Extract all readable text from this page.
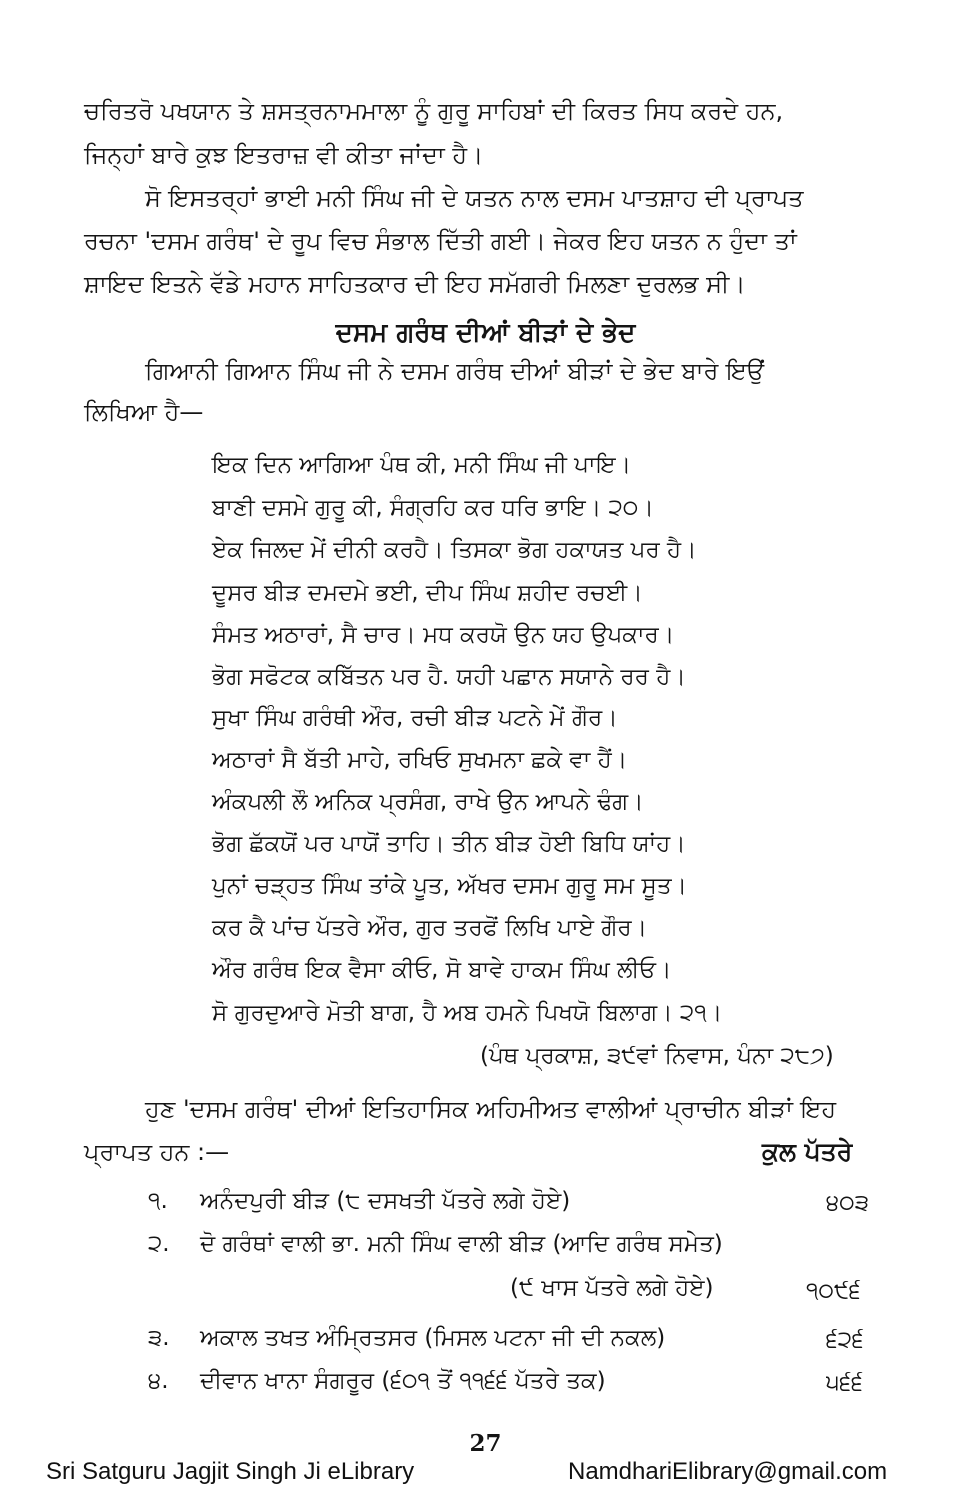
ਚਰਿਤਰੋ ਪਖਯਾਨ ਤੇ ਸ਼ਸਤ੍ਰਨਾਮਮਾਲਾ ਨੂੰ ਗੁਰੂ ਸਾਹਿਬਾਂ ਦੀ ਕਿਰਤ ਸਿਧ ਕਰਦੇ ਹਨ,
ਜਿਨ੍ਹਾਂ ਬਾਰੇ ਕੁਝ ਇਤਰਾਜ਼ ਵੀ ਕੀਤਾ ਜਾਂਦਾ ਹੈ।
ਸੋ ਇਸਤਰ੍ਹਾਂ ਭਾਈ ਮਨੀ ਸਿੰਘ ਜੀ ਦੇ ਯਤਨ ਨਾਲ ਦਸਮ ਪਾਤਸ਼ਾਹ ਦੀ ਪ੍ਰਾਪਤ
ਰਚਨਾ 'ਦਸਮ ਗਰੰਥ' ਦੇ ਰੂਪ ਵਿਚ ਸੰਭਾਲ ਦਿੱਤੀ ਗਈ। ਜੇਕਰ ਇਹ ਯਤਨ ਨ ਹੁੰਦਾ ਤਾਂ
ਸ਼ਾਇਦ ਇਤਨੇ ਵੱਡੇ ਮਹਾਨ ਸਾਹਿਤਕਾਰ ਦੀ ਇਹ ਸਮੱਗਰੀ ਮਿਲਣਾ ਦੁਰਲਭ ਸੀ।
ਦਸਮ ਗਰੰਥ ਦੀਆਂ ਬੀੜਾਂ ਦੇ ਭੇਦ
ਗਿਆਨੀ ਗਿਆਨ ਸਿੰਘ ਜੀ ਨੇ ਦਸਮ ਗਰੰਥ ਦੀਆਂ ਬੀੜਾਂ ਦੇ ਭੇਦ ਬਾਰੇ ਇਉਂ
ਲਿਖਿਆ ਹੈ—
ਇਕ ਦਿਨ ਆਗਿਆ ਪੰਥ ਕੀ, ਮਨੀ ਸਿੰਘ ਜੀ ਪਾਇ।
ਬਾਣੀ ਦਸਮੇ ਗੁਰੂ ਕੀ, ਸੰਗ੍ਰਹਿ ਕਰ ਧਰਿ ਭਾਇ। ੨੦।
ਏਕ ਜਿਲਦ ਮੇਂ ਦੀਨੀ ਕਰਹੈ। ਤਿਸਕਾ ਭੋਗ ਹਕਾਯਤ ਪਰ ਹੈ।
ਦੂਸਰ ਬੀੜ ਦਮਦਮੇ ਭਈ, ਦੀਪ ਸਿੰਘ ਸ਼ਹੀਦ ਰਚਈ।
ਸੰਮਤ ਅਠਾਰਾਂ, ਸੈ ਚਾਰ। ਮਧ ਕਰਯੋ ਉਨ ਯਹ ਉਪਕਾਰ।
ਭੋਗ ਸਫੋਟਕ ਕਬਿੱਤਨ ਪਰ ਹੈ. ਯਹੀ ਪਛਾਨ ਸਯਾਨੇ ਰਰ ਹੈ।
ਸੁਖਾ ਸਿੰਘ ਗਰੰਥੀ ਔਰ, ਰਚੀ ਬੀੜ ਪਟਨੇ ਮੇਂ ਗੌਰ।
ਅਠਾਰਾਂ ਸੈ ਬੱਤੀ ਮਾਹੇ, ਰਖਿਓ ਸੁਖਮਨਾ ਛਕੇ ਵਾ ਹੈਂ।
ਅੰਕਪਲੀ ਲੌ ਅਨਿਕ ਪ੍ਰਸੰਗ, ਰਾਖੇ ਉਨ ਆਪਨੇ ਢੰਗ।
ਭੋਗ ਛੱਕਯੋਂ ਪਰ ਪਾਯੋਂ ਤਾਹਿ। ਤੀਨ ਬੀੜ ਹੋਈ ਬਿਧਿ ਯਾਂਹ।
ਪੁਨਾਂ ਚੜ੍ਹਤ ਸਿੰਘ ਤਾਂਕੇ ਪੂਤ, ਅੱਖਰ ਦਸਮ ਗੁਰੂ ਸਮ ਸੂਤ।
ਕਰ ਕੈ ਪਾਂਚ ਪੱਤਰੇ ਔਰ, ਗੁਰ ਤਰਫੋਂ ਲਿਖਿ ਪਾਏ ਗੌਰ।
ਔਰ ਗਰੰਥ ਇਕ ਵੈਸਾ ਕੀਓ, ਸੋ ਬਾਵੇ ਹਾਕਮ ਸਿੰਘ ਲੀਓ।
ਸੋ ਗੁਰਦੁਆਰੇ ਮੋਤੀ ਬਾਗ, ਹੈ ਅਬ ਹਮਨੇ ਪਿਖਯੋ ਬਿਲਾਗ। ੨੧।
(ਪੰਥ ਪ੍ਰਕਾਸ਼, ੩੯ਵਾਂ ਨਿਵਾਸ, ਪੰਨਾ ੨੮੭)
ਹੁਣ 'ਦਸਮ ਗਰੰਥ' ਦੀਆਂ ਇਤਿਹਾਸਿਕ ਅਹਿਮੀਅਤ ਵਾਲੀਆਂ ਪ੍ਰਾਚੀਨ ਬੀੜਾਂ ਇਹ
ਪ੍ਰਾਪਤ ਹਨ :—	ਕੁਲ ਪੱਤਰੇ
੧. ਅਨੰਦਪੁਰੀ ਬੀੜ (੮ ਦਸਖਤੀ ਪੱਤਰੇ ਲਗੇ ਹੋਏ)	੪੦੩
੨. ਦੋ ਗਰੰਥਾਂ ਵਾਲੀ ਭਾ. ਮਨੀ ਸਿੰਘ ਵਾਲੀ ਬੀੜ (ਆਦਿ ਗਰੰਥ ਸਮੇਤ)
(੯ ਖਾਸ ਪੱਤਰੇ ਲਗੇ ਹੋਏ)	੧੦੯੬
੩. ਅਕਾਲ ਤਖਤ ਅੰਮ੍ਰਿਤਸਰ (ਮਿਸਲ ਪਟਨਾ ਜੀ ਦੀ ਨਕਲ)	੬੨੬
੪. ਦੀਵਾਨ ਖਾਨਾ ਸੰਗਰੂਰ (੬੦੧ ਤੋਂ ੧੧੬੬ ਪੱਤਰੇ ਤਕ)	੫੬੬
27
Sri Satguru Jagjit Singh Ji eLibrary	NamdhariElibrary@gmail.com
